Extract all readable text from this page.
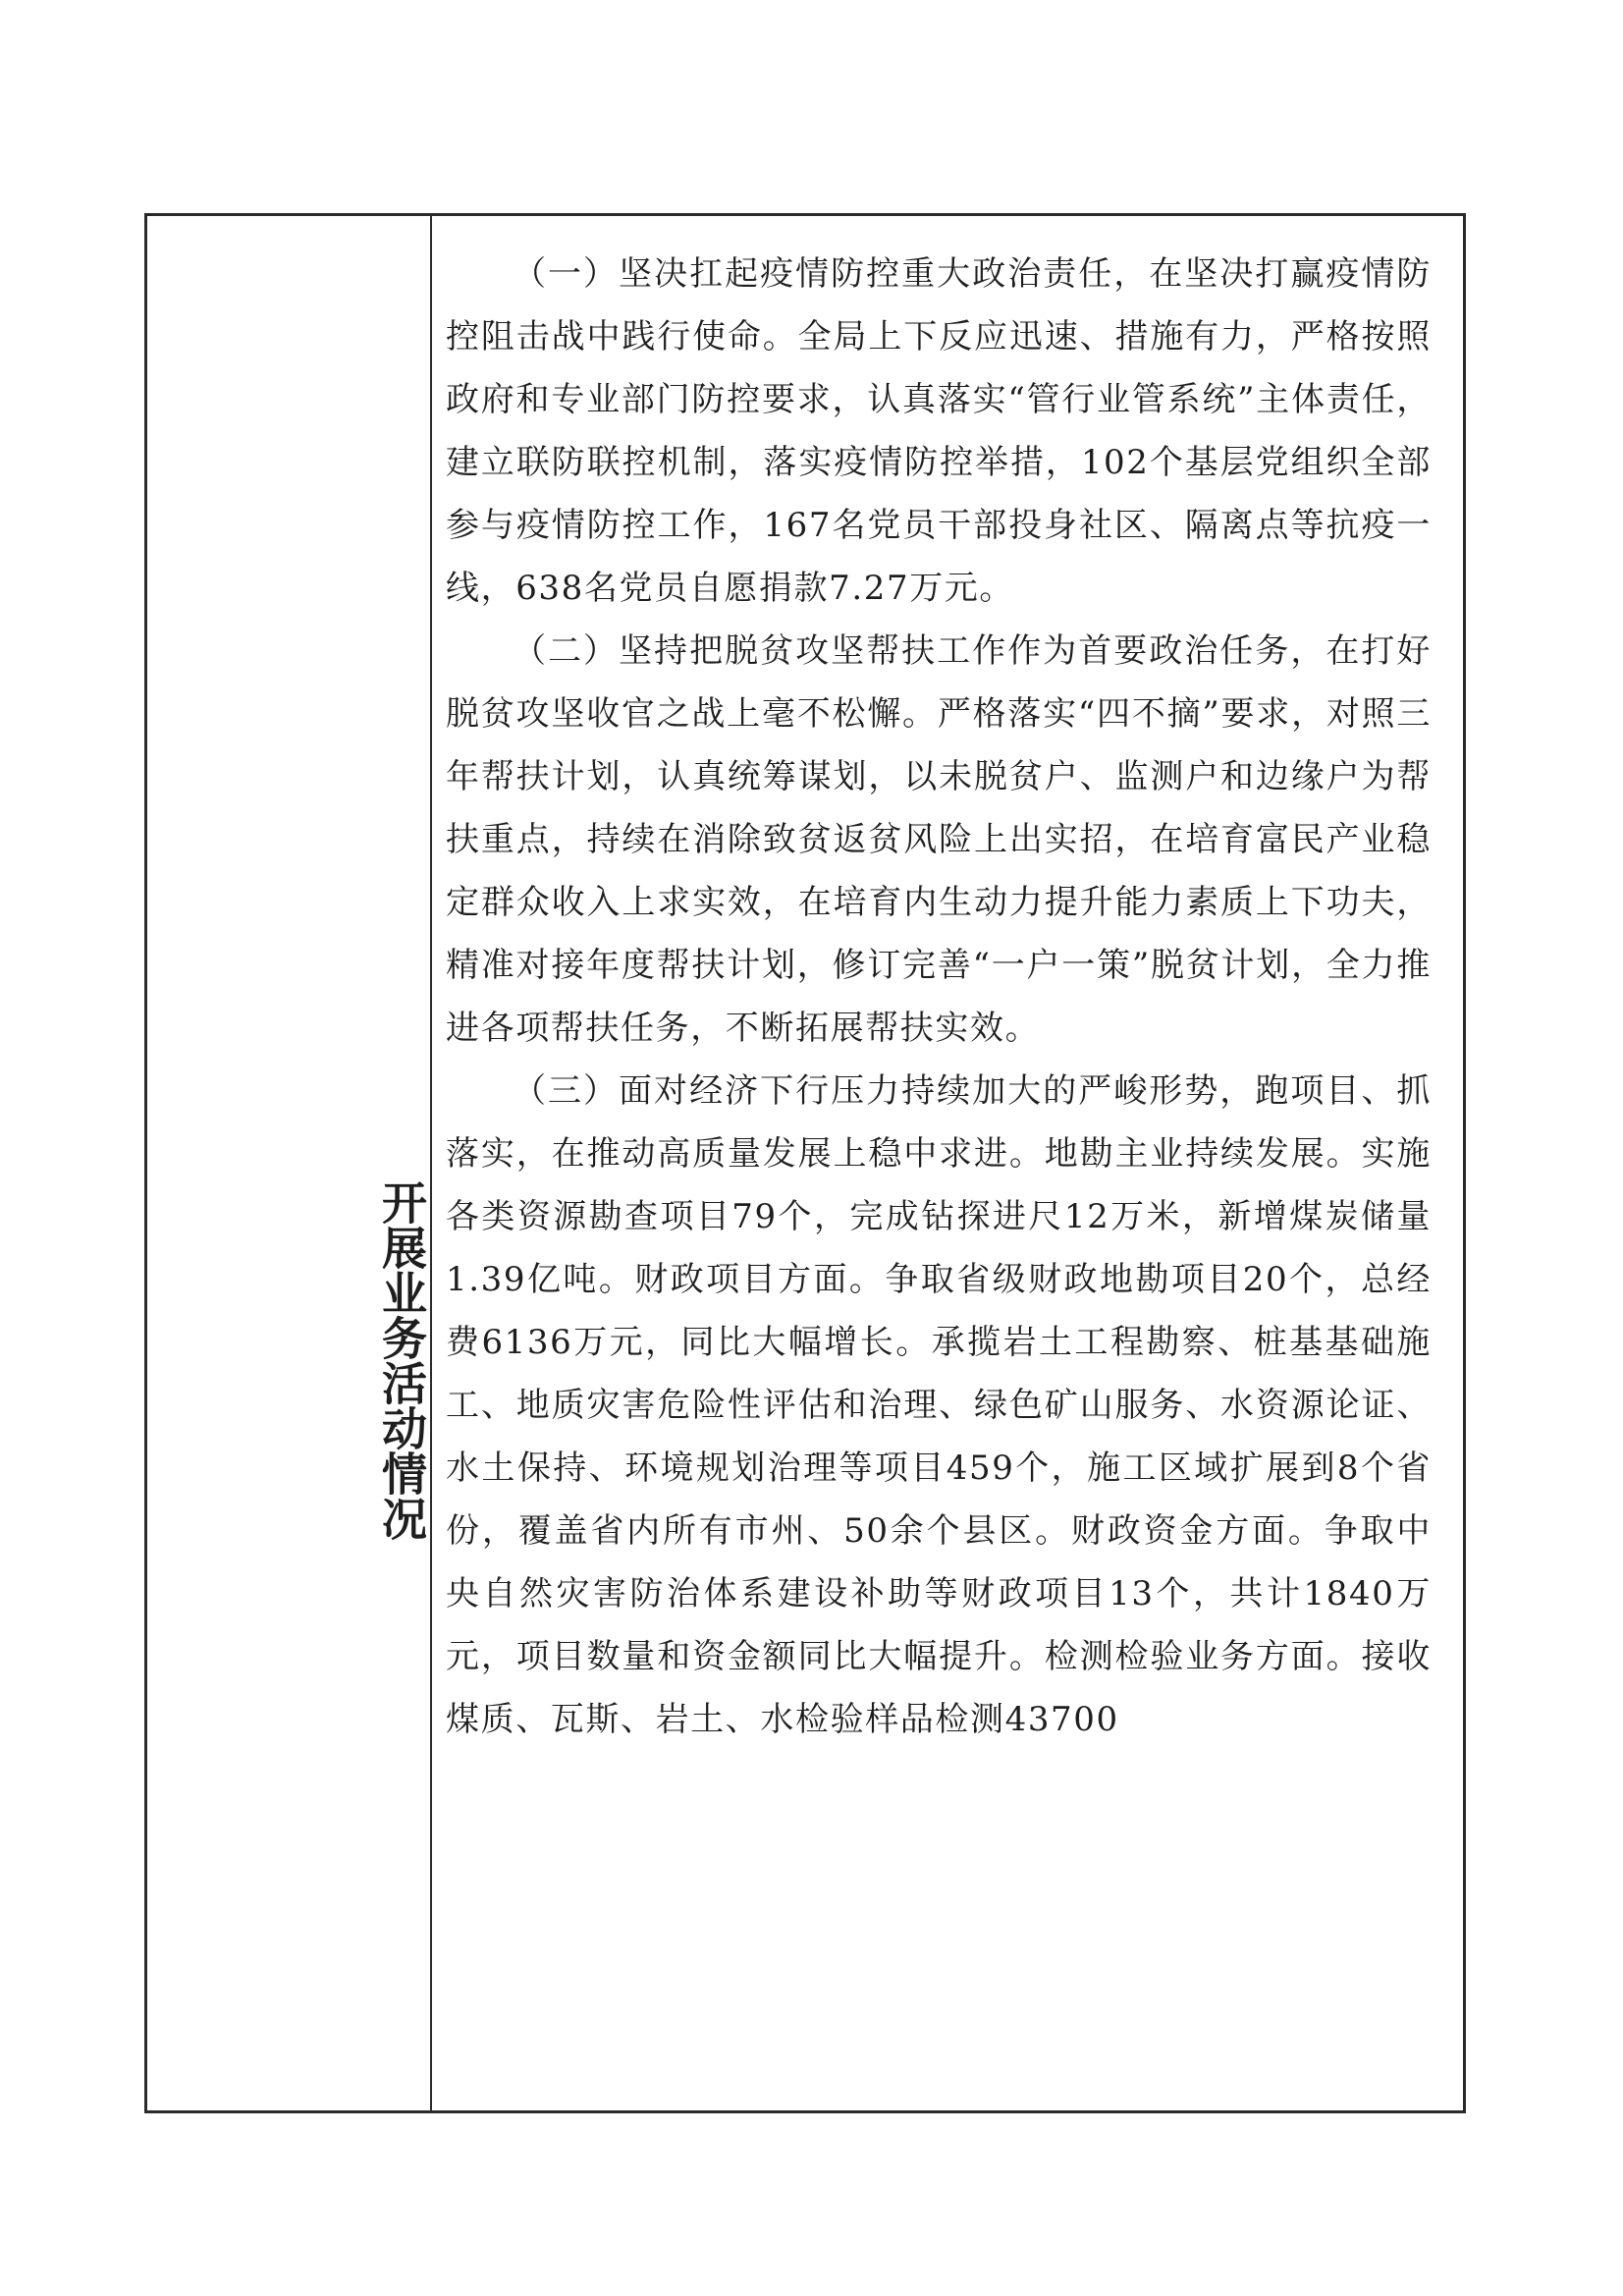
开展业务活动情况

（一）坚决扛起疫情防控重大政治责任，在坚决打赢疫情防控阻击战中践行使命。全局上下反应迅速、措施有力，严格按照政府和专业部门防控要求，认真落实“管行业管系统”主体责任，建立联防联控机制，落实疫情防控举措，102个基层党组织全部参与疫情防控工作，167名党员干部投身社区、隔离点等抗疫一线，638名党员自愿捐款7.27万元。

（二）坚持把脱贫攻坚帮扶工作作为首要政治任务，在打好脱贫攻坚收官之战上毫不松懈。严格落实“四不摘”要求，对照三年帮扶计划，认真统筹谋划，以未脱贫户、监测户和边缘户为帮扶重点，持续在消除致贫返贫风险上出实招，在培育富民产业稳定群众收入上求实效，在培育内生动力提升能力素质上下功夫，精准对接年度帮扶计划，修订完善“一户一策”脱贫计划，全力推进各项帮扶任务，不断拓展帮扶实效。

（三）面对经济下行压力持续加大的严峻形势，跑项目、抓落实，在推动高质量发展上稳中求进。地勘主业持续发展。实施各类资源勘查项目79个，完成钻探进尺12万米，新增煤炭储量1.39亿吨。财政项目方面。争取省级财政地勘项目20个，总经费6136万元，同比大幅增长。承揽岩土工程勘察、桩基基础施工、地质灾害危险性评估和治理、绿色矿山服务、水资源论证、水土保持、环境规划治理等项目459个，施工区域扩展到8个省份，覆盖省内所有市州、50余个县区。财政资金方面。争取中央自然灾害防治体系建设补助等财政项目13个，共计1840万元，项目数量和资金额同比大幅提升。检测检验业务方面。接收煤质、瓦斯、岩土、水检验样品检测43700
